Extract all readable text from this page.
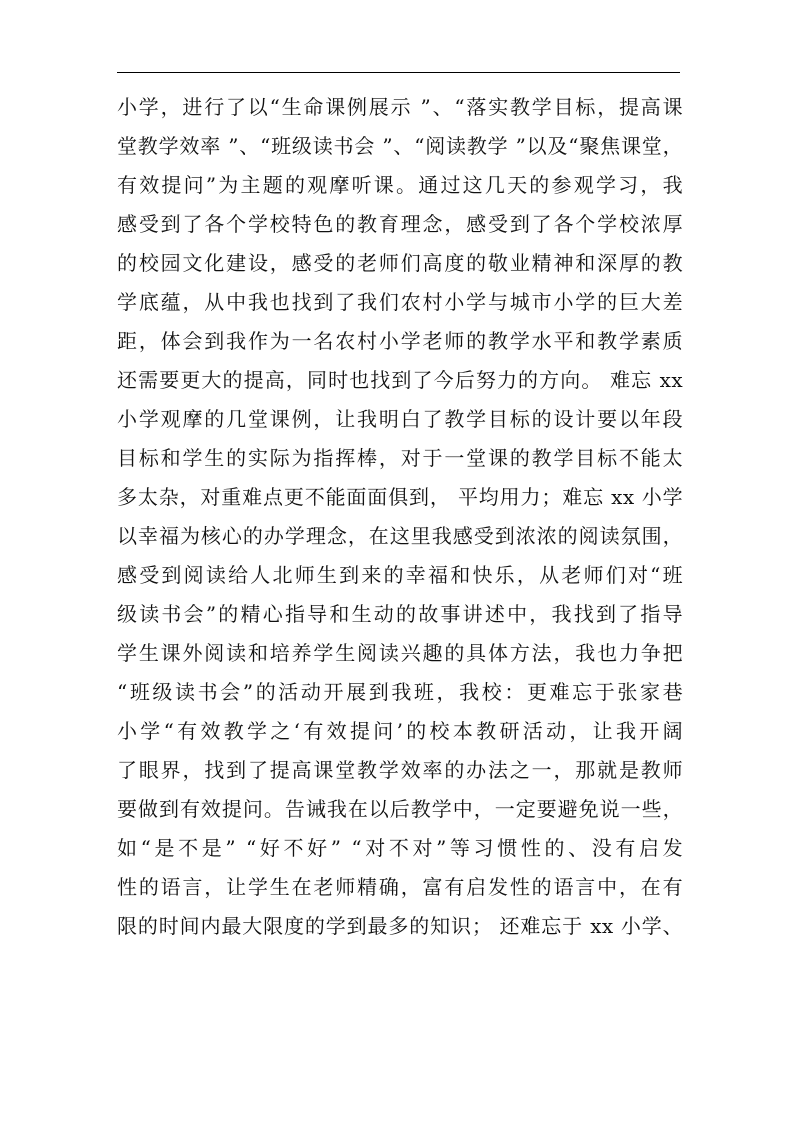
小学，进行了以“生命课例展示 ”、“落实教学目标，提高课
堂教学效率 ”、“班级读书会 ”、“阅读教学 ”以及“聚焦课堂，
有效提问”为主题的观摩听课。通过这几天的参观学习，我
感受到了各个学校特色的教育理念，感受到了各个学校浓厚
的校园文化建设，感受的老师们高度的敬业精神和深厚的教
学底蕴，从中我也找到了我们农村小学与城市小学的巨大差
距，体会到我作为一名农村小学老师的教学水平和教学素质
还需要更大的提高，同时也找到了今后努力的方向。 难忘 xx
小学观摩的几堂课例，让我明白了教学目标的设计要以年段
目标和学生的实际为指挥棒，对于一堂课的教学目标不能太
多太杂，对重难点更不能面面俱到， 平均用力；难忘 xx 小学
以幸福为核心的办学理念，在这里我感受到浓浓的阅读氛围，
感受到阅读给人北师生到来的幸福和快乐，从老师们对“班
级读书会”的精心指导和生动的故事讲述中，我找到了指导
学生课外阅读和培养学生阅读兴趣的具体方法，我也力争把
“班级读书会”的活动开展到我班，我校：更难忘于张家巷
小学“有效教学之‘有效提问’的校本教研活动，让我开阔
了眼界，找到了提高课堂教学效率的办法之一，那就是教师
要做到有效提问。告诫我在以后教学中，一定要避免说一些，
如“是不是” “好不好” “对不对”等习惯性的、没有启发
性的语言，让学生在老师精确，富有启发性的语言中，在有
限的时间内最大限度的学到最多的知识； 还难忘于 xx 小学、
